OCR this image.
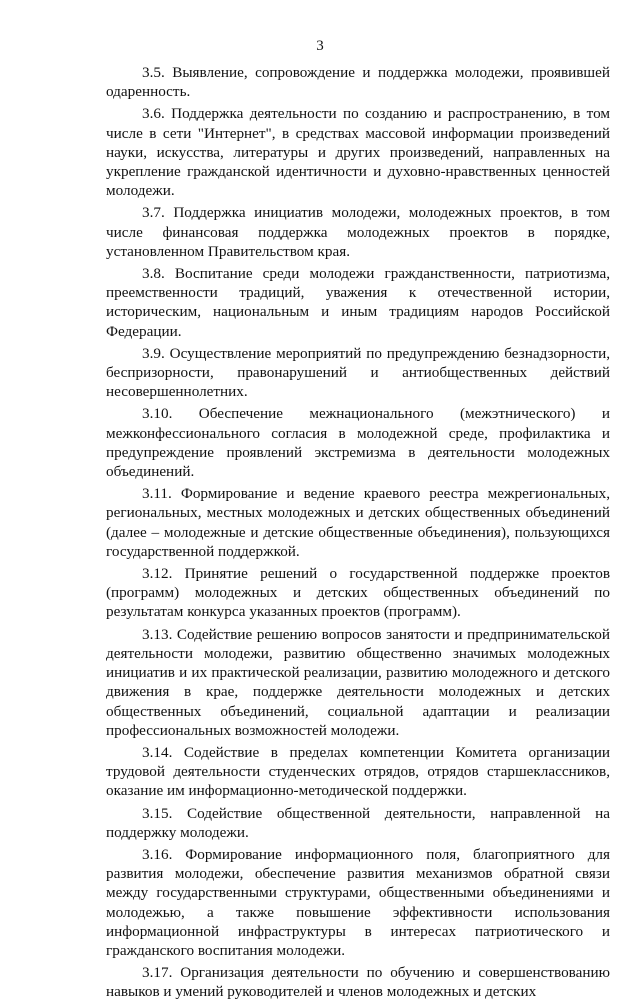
3

3.5. Выявление, сопровождение и поддержка молодежи, проявившей одаренность.

3.6. Поддержка деятельности по созданию и распространению, в том числе в сети "Интернет", в средствах массовой информации произведений науки, искусства, литературы и других произведений, направленных на укрепление гражданской идентичности и духовно-нравственных ценностей молодежи.

3.7. Поддержка инициатив молодежи, молодежных проектов, в том числе финансовая поддержка молодежных проектов в порядке, установленном Правительством края.

3.8. Воспитание среди молодежи гражданственности, патриотизма, преемственности традиций, уважения к отечественной истории, историческим, национальным и иным традициям народов Российской Федерации.

3.9. Осуществление мероприятий по предупреждению безнадзорности, беспризорности, правонарушений и антиобщественных действий несовершеннолетних.

3.10. Обеспечение межнационального (межэтнического) и межконфессионального согласия в молодежной среде, профилактика и предупреждение проявлений экстремизма в деятельности молодежных объединений.

3.11. Формирование и ведение краевого реестра межрегиональных, региональных, местных молодежных и детских общественных объединений (далее – молодежные и детские общественные объединения), пользующихся государственной поддержкой.

3.12. Принятие решений о государственной поддержке проектов (программ) молодежных и детских общественных объединений по результатам конкурса указанных проектов (программ).

3.13. Содействие решению вопросов занятости и предпринимательской деятельности молодежи, развитию общественно значимых молодежных инициатив и их практической реализации, развитию молодежного и детского движения в крае, поддержке деятельности молодежных и детских общественных объединений, социальной адаптации и реализации профессиональных возможностей молодежи.

3.14. Содействие в пределах компетенции Комитета организации трудовой деятельности студенческих отрядов, отрядов старшеклассников, оказание им информационно-методической поддержки.

3.15. Содействие общественной деятельности, направленной на поддержку молодежи.

3.16. Формирование информационного поля, благоприятного для развития молодежи, обеспечение развития механизмов обратной связи между государственными структурами, общественными объединениями и молодежью, а также повышение эффективности использования информационной инфраструктуры в интересах патриотического и гражданского воспитания молодежи.

3.17. Организация деятельности по обучению и совершенствованию навыков и умений руководителей и членов молодежных и детских
